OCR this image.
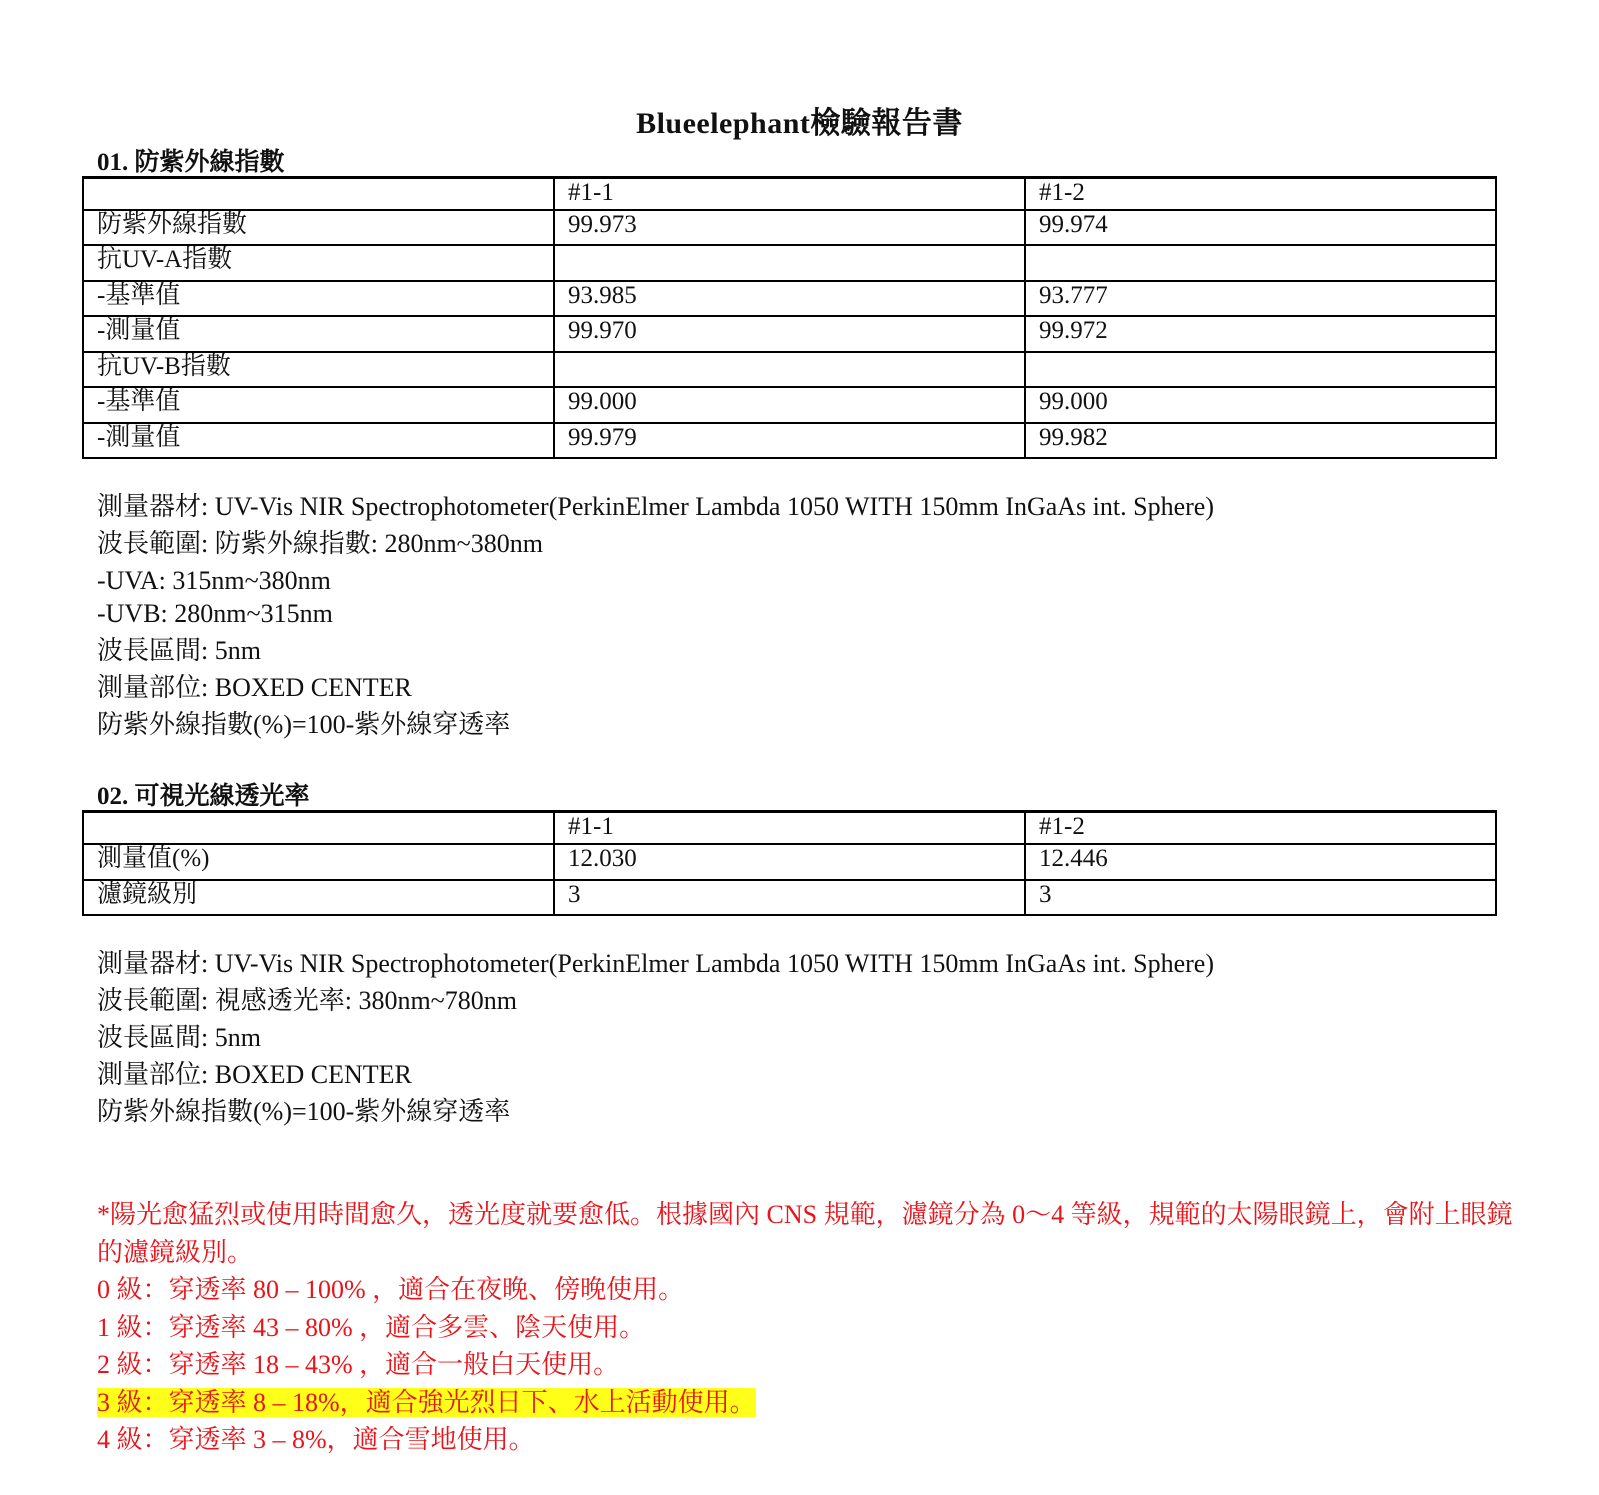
Blueelephant檢驗報告書
01. 防紫外線指數
	#1-1	#1-2
防紫外線指數	99.973	99.974
抗UV-A指數		
-基準值	93.985	93.777
-測量值	99.970	99.972
抗UV-B指數		
-基準值	99.000	99.000
-測量值	99.979	99.982
測量器材: UV-Vis NIR Spectrophotometer(PerkinElmer Lambda 1050 WITH 150mm InGaAs int. Sphere)
波長範圍: 防紫外線指數: 280nm~380nm
-UVA: 315nm~380nm
-UVB: 280nm~315nm
波長區間: 5nm
測量部位: BOXED CENTER
防紫外線指數(%)=100-紫外線穿透率
02. 可視光線透光率
	#1-1	#1-2
測量值(%)	12.030	12.446
濾鏡級別	3	3
測量器材: UV-Vis NIR Spectrophotometer(PerkinElmer Lambda 1050 WITH 150mm InGaAs int. Sphere)
波長範圍: 視感透光率: 380nm~780nm
波長區間: 5nm
測量部位: BOXED CENTER
防紫外線指數(%)=100-紫外線穿透率

*陽光愈猛烈或使用時間愈久，透光度就要愈低。根據國內 CNS 規範，濾鏡分為 0～4 等級，規範的太陽眼鏡上，會附上眼鏡的濾鏡級別。

0 級：穿透率 80 – 100% ，適合在夜晚、傍晚使用。

1 級：穿透率 43 – 80% ，適合多雲、陰天使用。

2 級：穿透率 18 – 43% ，適合一般白天使用。

3 級：穿透率 8 – 18%，適合強光烈日下、水上活動使用。

4 級：穿透率 3 – 8%，適合雪地使用。
